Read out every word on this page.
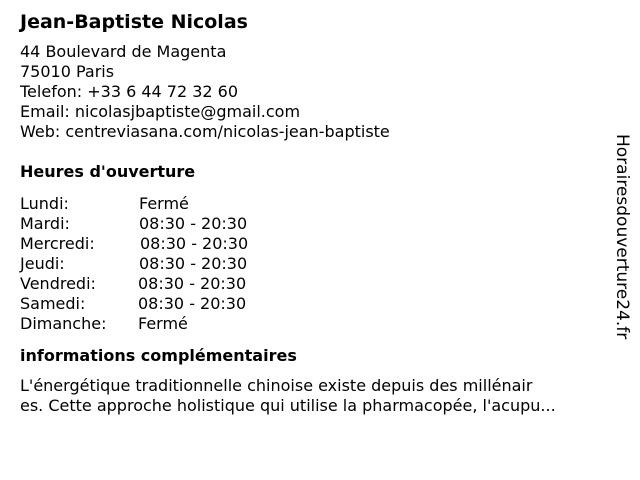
Jean-Baptiste Nicolas
44 Boulevard de Magenta
75010 Paris
Telefon: +33 6 44 72 32 60
Email: nicolasjbaptiste@gmail.com
Web: centreviasana.com/nicolas-jean-baptiste
Heures d'ouverture
Lundi:	Fermé
Mardi:	08:30 - 20:30
Mercredi:	08:30 - 20:30
Jeudi:	08:30 - 20:30
Vendredi:	08:30 - 20:30
Samedi:	08:30 - 20:30
Dimanche: Fermé
informations complémentaires
L'énergétique traditionnelle chinoise existe depuis des millénair
es. Cette approche holistique qui utilise la pharmacopée, l'acupu...
Horairesdouverture24.fr
